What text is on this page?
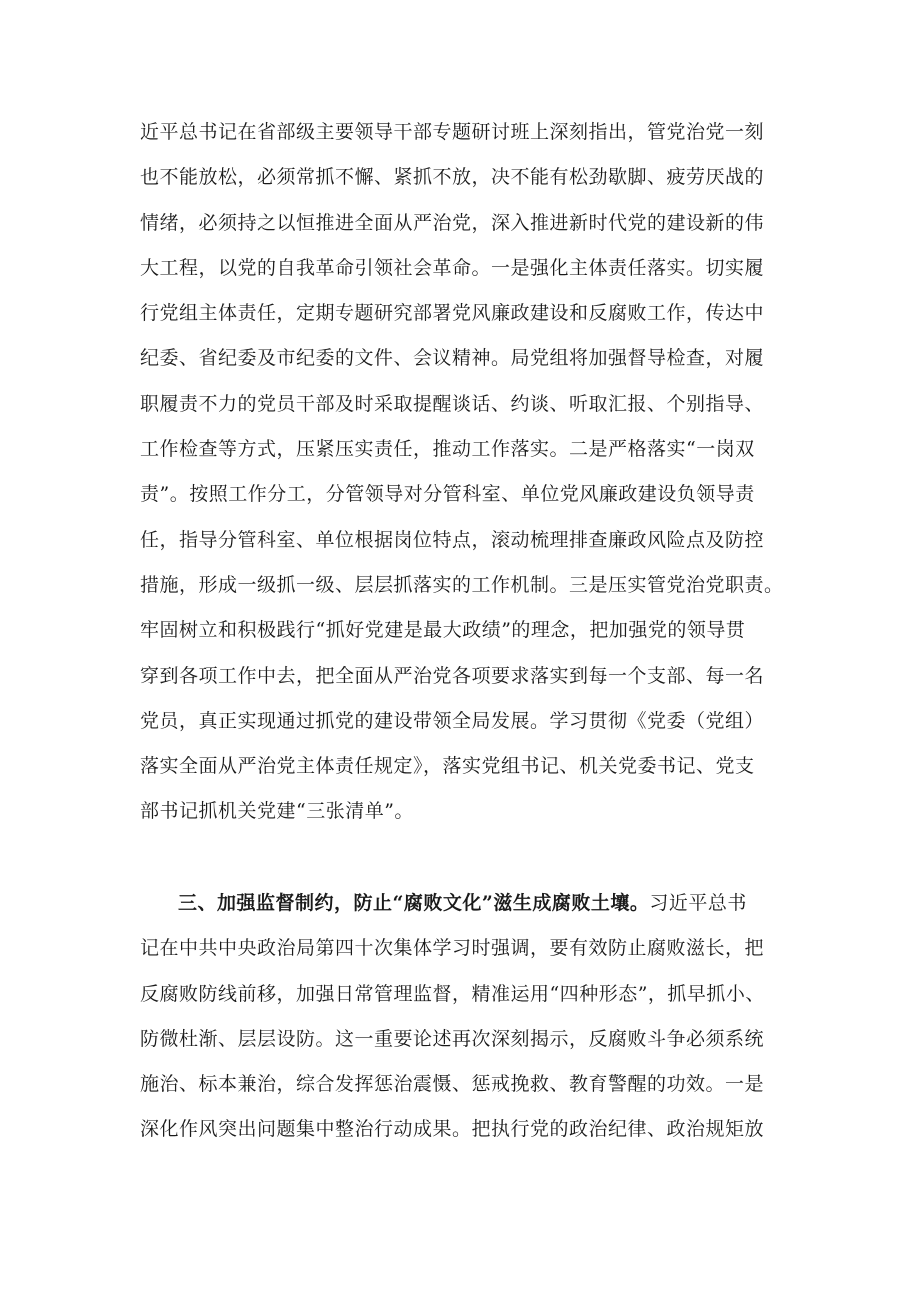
近平总书记在省部级主要领导干部专题研讨班上深刻指出，管党治党一刻
也不能放松，必须常抓不懈、紧抓不放，决不能有松劲歇脚、疲劳厌战的
情绪，必须持之以恒推进全面从严治党，深入推进新时代党的建设新的伟
大工程，以党的自我革命引领社会革命。一是强化主体责任落实。切实履
行党组主体责任，定期专题研究部署党风廉政建设和反腐败工作，传达中
纪委、省纪委及市纪委的文件、会议精神。局党组将加强督导检查，对履
职履责不力的党员干部及时采取提醒谈话、约谈、听取汇报、个别指导、
工作检查等方式，压紧压实责任，推动工作落实。二是严格落实“一岗双
责”。按照工作分工，分管领导对分管科室、单位党风廉政建设负领导责
任，指导分管科室、单位根据岗位特点，滚动梳理排查廉政风险点及防控
措施，形成一级抓一级、层层抓落实的工作机制。三是压实管党治党职责。
牢固树立和积极践行“抓好党建是最大政绩”的理念，把加强党的领导贯
穿到各项工作中去，把全面从严治党各项要求落实到每一个支部、每一名
党员，真正实现通过抓党的建设带领全局发展。学习贯彻《党委（党组）
落实全面从严治党主体责任规定》，落实党组书记、机关党委书记、党支
部书记抓机关党建“三张清单”。
三、加强监督制约，防止“腐败文化”滋生成腐败土壤。习近平总书
记在中共中央政治局第四十次集体学习时强调，要有效防止腐败滋长，把
反腐败防线前移，加强日常管理监督，精准运用“四种形态”，抓早抓小、
防微杜渐、层层设防。这一重要论述再次深刻揭示，反腐败斗争必须系统
施治、标本兼治，综合发挥惩治震慑、惩戒挽救、教育警醒的功效。一是
深化作风突出问题集中整治行动成果。把执行党的政治纪律、政治规矩放
